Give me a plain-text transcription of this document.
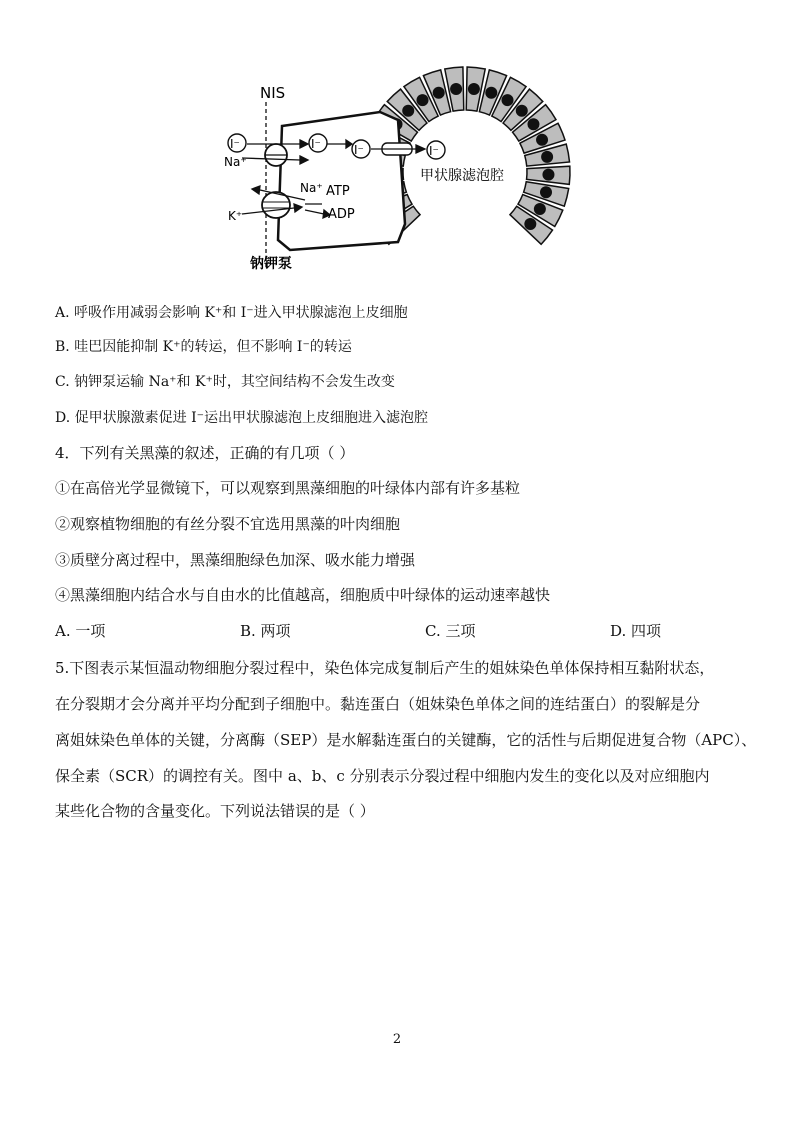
I⁻	I⁻	I⁻	I⁻
NIS
Na⁺
K⁺
Na⁺ ATP
ADP
甲状腺滤泡腔
钠钾泵
A. 呼吸作用减弱会影响 K⁺和 I⁻进入甲状腺滤泡上皮细胞
B. 哇巴因能抑制 K⁺的转运，但不影响 I⁻的转运
C. 钠钾泵运输 Na⁺和 K⁺时，其空间结构不会发生改变
D. 促甲状腺激素促进 I⁻运出甲状腺滤泡上皮细胞进入滤泡腔
4．下列有关黑藻的叙述，正确的有几项（ ）
①在高倍光学显微镜下，可以观察到黑藻细胞的叶绿体内部有许多基粒
②观察植物细胞的有丝分裂不宜选用黑藻的叶肉细胞
③质壁分离过程中，黑藻细胞绿色加深、吸水能力增强
④黑藻细胞内结合水与自由水的比值越高，细胞质中叶绿体的运动速率越快
A. 一项	B. 两项	C. 三项	D. 四项
5.下图表示某恒温动物细胞分裂过程中，染色体完成复制后产生的姐妹染色单体保持相互黏附状态，
在分裂期才会分离并平均分配到子细胞中。黏连蛋白（姐妹染色单体之间的连结蛋白）的裂解是分
离姐妹染色单体的关键，分离酶（SEP）是水解黏连蛋白的关键酶，它的活性与后期促进复合物（APC）、
保全素（SCR）的调控有关。图中 a、b、c 分别表示分裂过程中细胞内发生的变化以及对应细胞内
某些化合物的含量变化。下列说法错误的是（ ）
2
